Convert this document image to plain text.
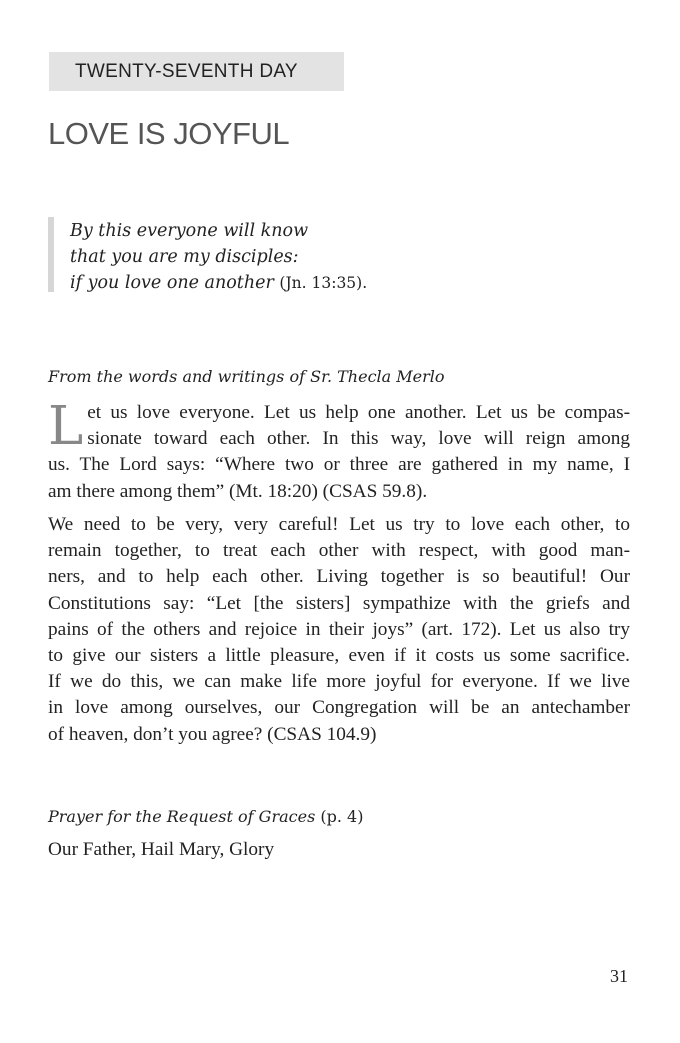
TWENTY-SEVENTH DAY
LOVE IS JOYFUL
By this everyone will know
that you are my disciples:
if you love one another (Jn. 13:35).
From the words and writings of Sr. Thecla Merlo
L et us love everyone. Let us help one another. Let us be compas-
sionate toward each other. In this way, love will reign among
us. The Lord says: “Where two or three are gathered in my name, I
am there among them” (Mt. 18:20) (CSAS 59.8).
We need to be very, very careful! Let us try to love each other, to
remain together, to treat each other with respect, with good man-
ners, and to help each other. Living together is so beautiful! Our
Constitutions say: “Let [the sisters] sympathize with the griefs and
pains of the others and rejoice in their joys” (art. 172). Let us also try
to give our sisters a little pleasure, even if it costs us some sacrifice.
If we do this, we can make life more joyful for everyone. If we live
in love among ourselves, our Congregation will be an antechamber
of heaven, don’t you agree? (CSAS 104.9)
Prayer for the Request of Graces (p. 4)
Our Father, Hail Mary, Glory
31
